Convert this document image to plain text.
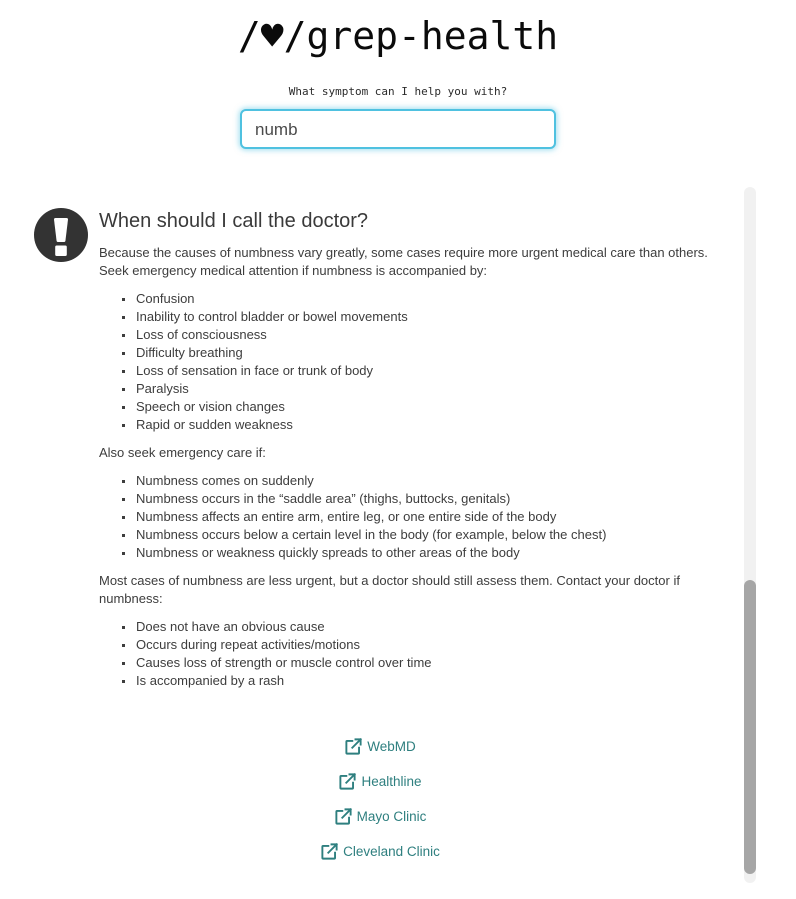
/♥/grep-health
What symptom can I help you with?
numb
When should I call the doctor?

Because the causes of numbness vary greatly, some cases require more urgent medical care than others. Seek emergency medical attention if numbness is accompanied by:

Confusion
Inability to control bladder or bowel movements
Loss of consciousness
Difficulty breathing
Loss of sensation in face or trunk of body
Paralysis
Speech or vision changes
Rapid or sudden weakness

Also seek emergency care if:

Numbness comes on suddenly
Numbness occurs in the “saddle area” (thighs, buttocks, genitals)
Numbness affects an entire arm, entire leg, or one entire side of the body
Numbness occurs below a certain level in the body (for example, below the chest)
Numbness or weakness quickly spreads to other areas of the body

Most cases of numbness are less urgent, but a doctor should still assess them. Contact your doctor if numbness:

Does not have an obvious cause
Occurs during repeat activities/motions
Causes loss of strength or muscle control over time
Is accompanied by a rash
WebMD
Healthline
Mayo Clinic
Cleveland Clinic
